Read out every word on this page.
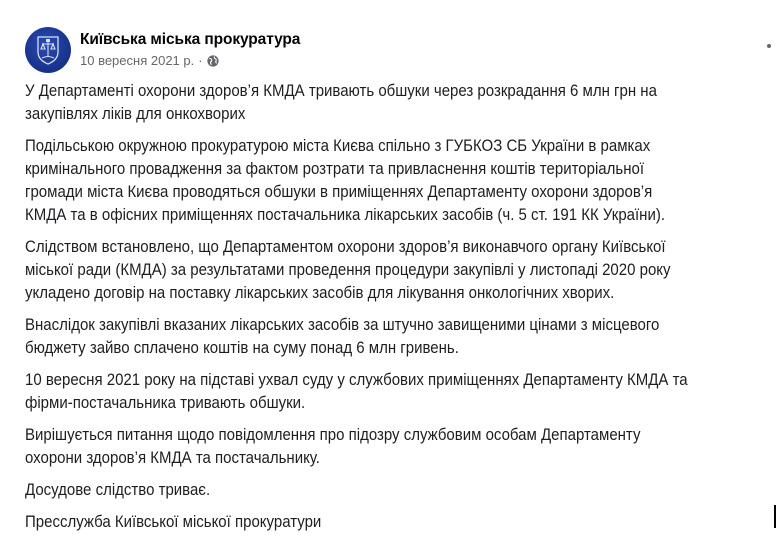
Київська міська прокуратура
10 вересня 2021 р. ·
У Департаменті охорони здоров’я КМДА тривають обшуки через розкрадання 6 млн грн на
закупівлях ліків для онкохворих
Подільською окружною прокуратурою міста Києва спільно з ГУБКОЗ СБ України в рамках
кримінального провадження за фактом розтрати та привласнення коштів територіальної
громади міста Києва проводяться обшуки в приміщеннях Департаменту охорони здоров’я
КМДА та в офісних приміщеннях постачальника лікарських засобів (ч. 5 ст. 191 КК України).
Слідством встановлено, що Департаментом охорони здоров’я виконавчого органу Київської
міської ради (КМДА) за результатами проведення процедури закупівлі у листопаді 2020 року
укладено договір на поставку лікарських засобів для лікування онкологічних хворих.
Внаслідок закупівлі вказаних лікарських засобів за штучно завищеними цінами з місцевого
бюджету зайво сплачено коштів на суму понад 6 млн гривень.
10 вересня 2021 року на підставі ухвал суду у службових приміщеннях Департаменту КМДА та
фірми-постачальника тривають обшуки.
Вирішується питання щодо повідомлення про підозру службовим особам Департаменту
охорони здоров’я КМДА та постачальнику.
Досудове слідство триває.
Пресслужба Київської міської прокуратури
